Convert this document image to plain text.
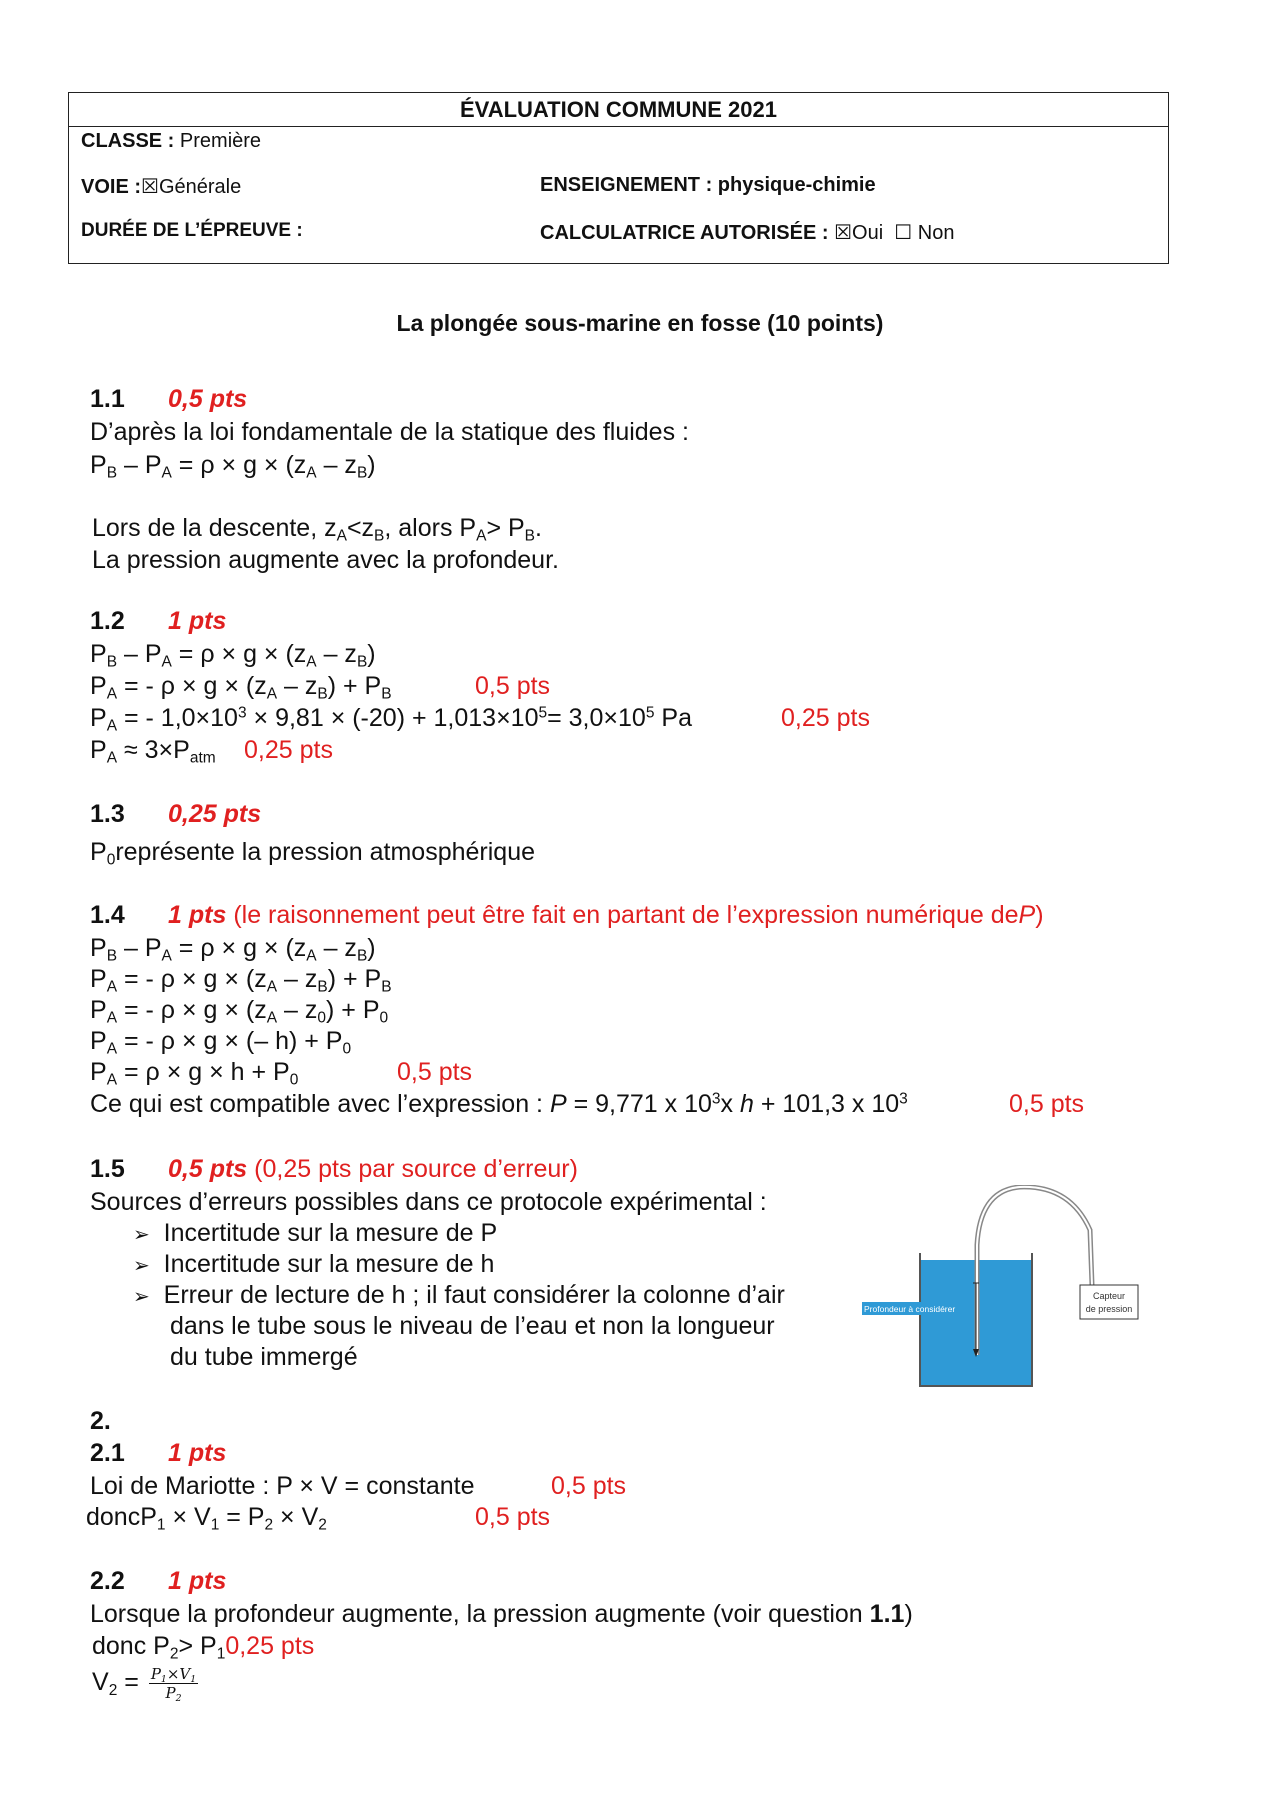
ÉVALUATION COMMUNE 2021
CLASSE : Première
VOIE :☒Générale	ENSEIGNEMENT : physique-chimie
DURÉE DE L’ÉPREUVE :	CALCULATRICE AUTORISÉE : ☒Oui ☐ Non
La plongée sous-marine en fosse (10 points)
1.1 0,5 pts
D’après la loi fondamentale de la statique des fluides :
$P_B - P_A = \rho \times g \times (z_A - z_B)$
Lors de la descente, $z_A<z_B$, alors $P_A> P_B$.
La pression augmente avec la profondeur.
1.2 1 pts
$P_B - P_A = \rho \times g \times (z_A - z_B)$
$P_A$ = - $\rho \times g \times (z_A - z_B) + P_B$	0,5 pts
$P_A$ = - $1,0\times 10^3 \times 9,81 \times (-20) + 1,013\times 10^5= 3,0\times 10^5$ Pa	0,25 pts
$P_A \approx 3\times P_{atm}$ 0,25 pts
1.3 0,25 pts
$P_0représente$ la pression atmosphérique
1.4 1 pts (le raisonnement peut être fait en partant de l’expression numérique deP)
$P_B - P_A = \rho \times g \times (z_A - z_B)$
$P_A$ = - $\rho \times g \times (z_A - z_B) + P_B$
$P_A$ = - $\rho \times g \times (z_A - z_0) + P_0$
$P_A$ = - ρ × g × (– $h) + P_0$
$P_A = \rho \times g \times h + P_0$	0,5 pts
Ce qui est compatible avec l’expression : P = 9,771 x $10^3x$ h + 101,3 x $10^3$	0,5 pts
1.5 0,5 pts (0,25 pts par source d’erreur)
Sources d’erreurs possibles dans ce protocole expérimental :
➢ Incertitude sur la mesure de P
➢ Incertitude sur la mesure de h
➢ Erreur de lecture de h ; il faut considérer la colonne d’air
dans le tube sous le niveau de l’eau et non la longueur
du tube immergé
Profondeur à considérer
Capteur
de pression
2.
2.1 1 pts
Loi de Mariotte : P × V = constante	0,5 pts
doncP$_1$ × $V_1 = P_2 \times V_2$	0,5 pts
2.2 1 pts
Lorsque la profondeur augmente, la pression augmente (voir question 1.1)
donc $P_2> P_10,25$ pts
$V_2 = \frac{P_1\times V_1}{P_2}$
